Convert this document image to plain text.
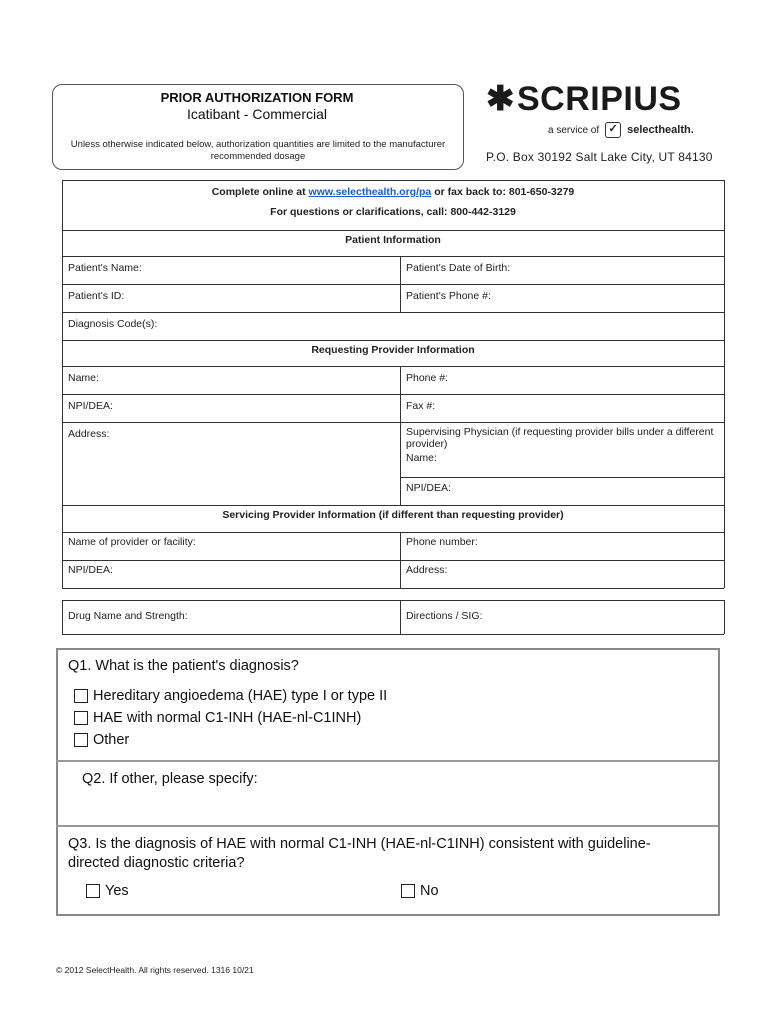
PRIOR AUTHORIZATION FORM
Icatibant - Commercial
Unless otherwise indicated below, authorization quantities are limited to the manufacturer recommended dosage
✱SCRIPIUS
a service of ✓ selecthealth.
P.O. Box 30192 Salt Lake City, UT 84130
Complete online at www.selecthealth.org/pa or fax back to: 801-650-3279
For questions or clarifications, call: 800-442-3129
Patient Information
Patient's Name:	Patient's Date of Birth:
Patient's ID:	Patient's Phone #:
Diagnosis Code(s):
Requesting Provider Information
Name:	Phone #:
NPI/DEA:	Fax #:
Address:	Supervising Physician (if requesting provider bills under a different provider)
Name:
NPI/DEA:
Servicing Provider Information (if different than requesting provider)
Name of provider or facility:	Phone number:
NPI/DEA:	Address:
Drug Name and Strength:	Directions / SIG:
Q1. What is the patient's diagnosis?
Hereditary angioedema (HAE) type I or type II
HAE with normal C1-INH (HAE-nl-C1INH)
Other
Q2. If other, please specify:
Q3. Is the diagnosis of HAE with normal C1-INH (HAE-nl-C1INH) consistent with guideline-directed diagnostic criteria?
Yes	No
© 2012 SelectHealth. All rights reserved. 1316 10/21
